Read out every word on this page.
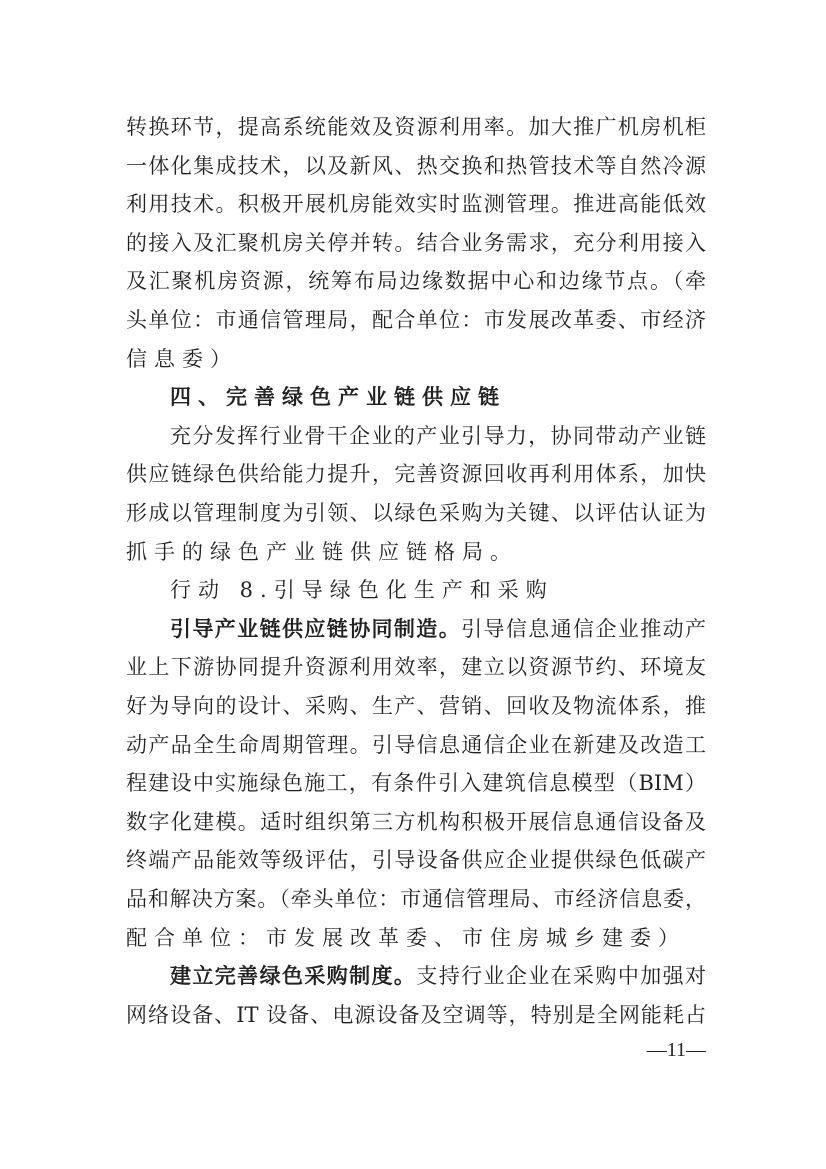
转换环节，提高系统能效及资源利用率。加大推广机房机柜
一体化集成技术，以及新风、热交换和热管技术等自然冷源
利用技术。积极开展机房能效实时监测管理。推进高能低效
的接入及汇聚机房关停并转。结合业务需求，充分利用接入
及汇聚机房资源，统筹布局边缘数据中心和边缘节点。（牵
头单位：市通信管理局，配合单位：市发展改革委、市经济
信息委）
四、完善绿色产业链供应链
充分发挥行业骨干企业的产业引导力，协同带动产业链
供应链绿色供给能力提升，完善资源回收再利用体系，加快
形成以管理制度为引领、以绿色采购为关键、以评估认证为
抓手的绿色产业链供应链格局。
行动 8.引导绿色化生产和采购
引导产业链供应链协同制造。引导信息通信企业推动产
业上下游协同提升资源利用效率，建立以资源节约、环境友
好为导向的设计、采购、生产、营销、回收及物流体系，推
动产品全生命周期管理。引导信息通信企业在新建及改造工
程建设中实施绿色施工，有条件引入建筑信息模型（BIM）
数字化建模。适时组织第三方机构积极开展信息通信设备及
终端产品能效等级评估，引导设备供应企业提供绿色低碳产
品和解决方案。（牵头单位：市通信管理局、市经济信息委，
配合单位：市发展改革委、市住房城乡建委）
建立完善绿色采购制度。支持行业企业在采购中加强对
网络设备、IT 设备、电源设备及空调等，特别是全网能耗占
—11—
